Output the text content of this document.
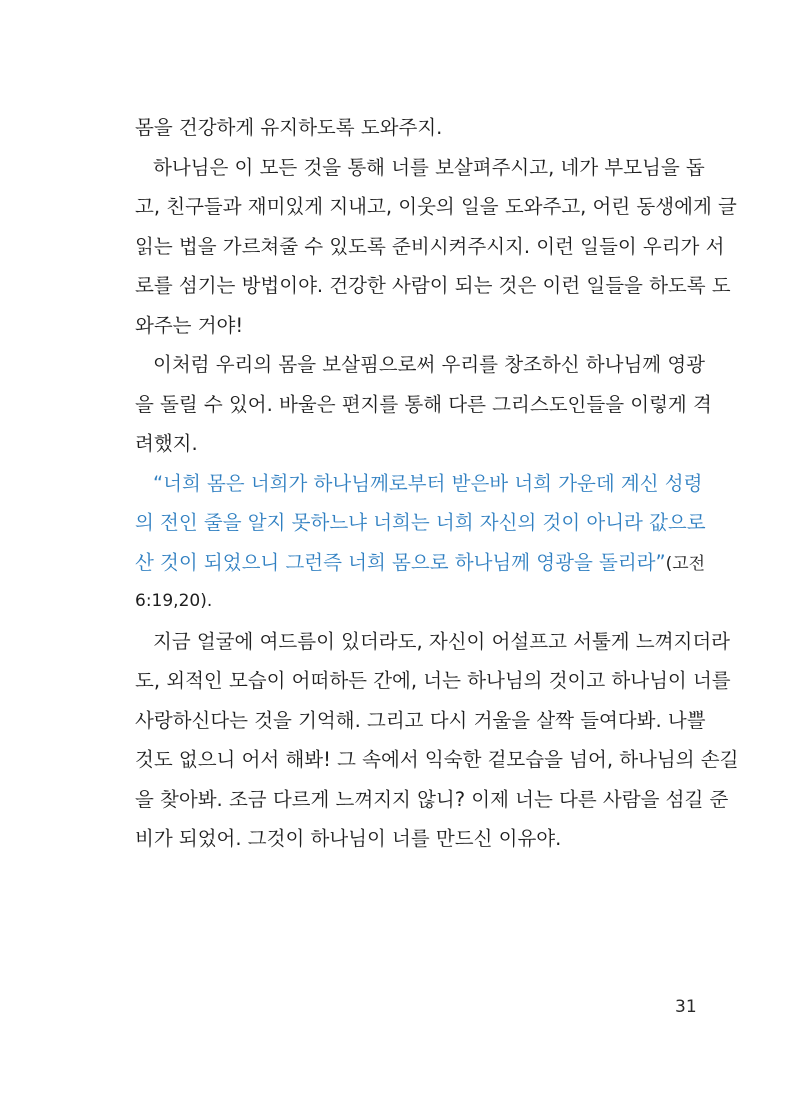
몸을 건강하게 유지하도록 도와주지.
하나님은 이 모든 것을 통해 너를 보살펴주시고, 네가 부모님을 돕
고, 친구들과 재미있게 지내고, 이웃의 일을 도와주고, 어린 동생에게 글
읽는 법을 가르쳐줄 수 있도록 준비시켜주시지. 이런 일들이 우리가 서
로를 섬기는 방법이야. 건강한 사람이 되는 것은 이런 일들을 하도록 도
와주는 거야!
이처럼 우리의 몸을 보살핌으로써 우리를 창조하신 하나님께 영광
을 돌릴 수 있어. 바울은 편지를 통해 다른 그리스도인들을 이렇게 격
려했지.
“너희 몸은 너희가 하나님께로부터 받은바 너희 가운데 계신 성령
의 전인 줄을 알지 못하느냐 너희는 너희 자신의 것이 아니라 값으로
산 것이 되었으니 그런즉 너희 몸으로 하나님께 영광을 돌리라”(고전
6:19,20).
지금 얼굴에 여드름이 있더라도, 자신이 어설프고 서툴게 느껴지더라
도, 외적인 모습이 어떠하든 간에, 너는 하나님의 것이고 하나님이 너를
사랑하신다는 것을 기억해. 그리고 다시 거울을 살짝 들여다봐. 나쁠
것도 없으니 어서 해봐! 그 속에서 익숙한 겉모습을 넘어, 하나님의 손길
을 찾아봐. 조금 다르게 느껴지지 않니? 이제 너는 다른 사람을 섬길 준
비가 되었어. 그것이 하나님이 너를 만드신 이유야.
31
